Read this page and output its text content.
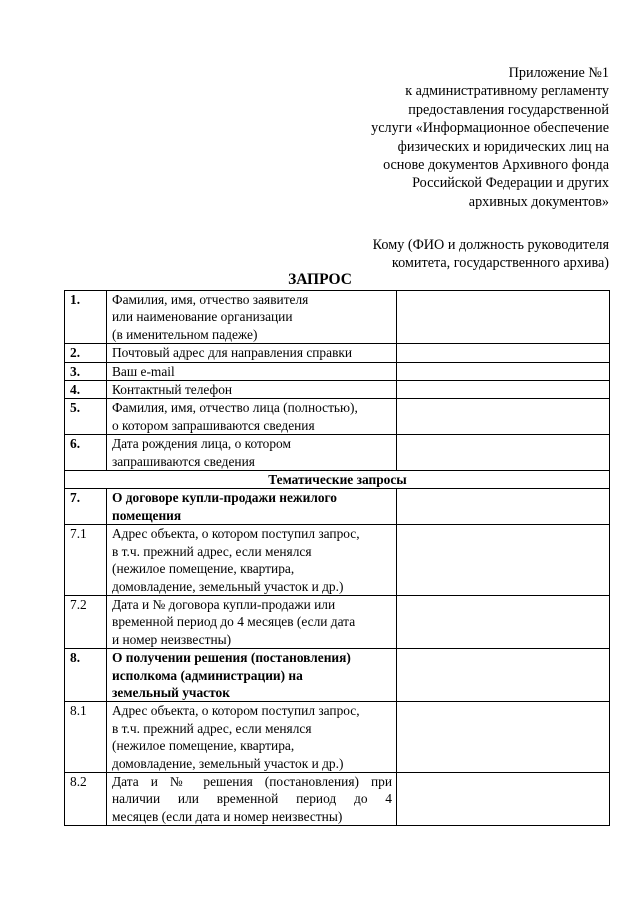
Приложение №1
к административному регламенту
предоставления государственной
услуги «Информационное обеспечение
физических и юридических лиц на
основе документов Архивного фонда
Российской Федерации и других
архивных документов»
Кому (ФИО и должность руководителя
комитета, государственного архива)
ЗАПРОС
1.	Фамилия, имя, отчество заявителя
или наименование организации
(в именительном падеже)	

2.	Почтовый адрес для направления справки	

3.	Ваш e-mail	

4.	Контактный телефон	

5.	Фамилия, имя, отчество лица (полностью),
о котором запрашиваются сведения	

6.	Дата рождения лица, о котором
запрашиваются сведения	

Тематические запросы		
7.	О договоре купли-продажи нежилого
помещения	

7.1	Адрес объекта, о котором поступил запрос,
в т.ч. прежний адрес, если менялся
(нежилое помещение, квартира,
домовладение, земельный участок и др.)	

7.2	Дата и № договора купли-продажи или
временной период до 4 месяцев (если дата
и номер неизвестны)	

8.	О получении решения (постановления)
исполкома (администрации) на
земельный участок	

8.1	Адрес объекта, о котором поступил запрос,
в т.ч. прежний адрес, если менялся
(нежилое помещение, квартира,
домовладение, земельный участок и др.)	

8.2	Дата и № решения (постановления) при
наличии или временной период до 4
месяцев (если дата и номер неизвестны)	
